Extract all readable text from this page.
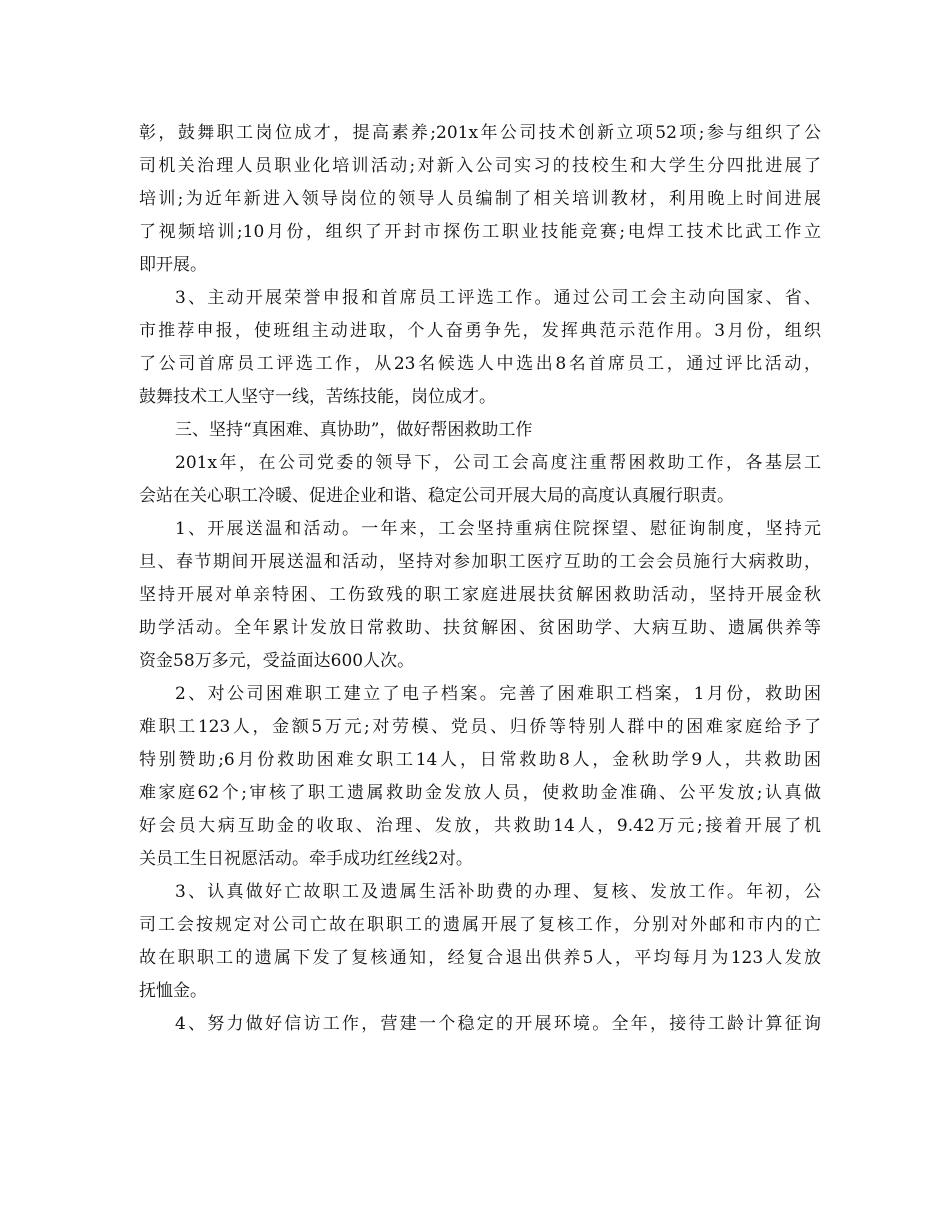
彰，鼓舞职工岗位成才，提高素养;201x年公司技术创新立项52项;参与组织了公
司机关治理人员职业化培训活动;对新入公司实习的技校生和大学生分四批进展了
培训;为近年新进入领导岗位的领导人员编制了相关培训教材，利用晚上时间进展
了视频培训;10月份，组织了开封市探伤工职业技能竞赛;电焊工技术比武工作立
即开展。
3、主动开展荣誉申报和首席员工评选工作。通过公司工会主动向国家、省、
市推荐申报，使班组主动进取，个人奋勇争先，发挥典范示范作用。3月份，组织
了公司首席员工评选工作，从23名候选人中选出8名首席员工，通过评比活动，
鼓舞技术工人坚守一线，苦练技能，岗位成才。
三、坚持“真困难、真协助”，做好帮困救助工作
201x年，在公司党委的领导下，公司工会高度注重帮困救助工作，各基层工
会站在关心职工冷暖、促进企业和谐、稳定公司开展大局的高度认真履行职责。
1、开展送温和活动。一年来，工会坚持重病住院探望、慰征询制度，坚持元
旦、春节期间开展送温和活动，坚持对参加职工医疗互助的工会会员施行大病救助，
坚持开展对单亲特困、工伤致残的职工家庭进展扶贫解困救助活动，坚持开展金秋
助学活动。全年累计发放日常救助、扶贫解困、贫困助学、大病互助、遗属供养等
资金58万多元，受益面达600人次。
2、对公司困难职工建立了电子档案。完善了困难职工档案，1月份，救助困
难职工123人，金额5万元;对劳模、党员、归侨等特别人群中的困难家庭给予了
特别赞助;6月份救助困难女职工14人，日常救助8人，金秋助学9人，共救助困
难家庭62个;审核了职工遗属救助金发放人员，使救助金准确、公平发放;认真做
好会员大病互助金的收取、治理、发放，共救助14人，9.42万元;接着开展了机
关员工生日祝愿活动。牵手成功红丝线2对。
3、认真做好亡故职工及遗属生活补助费的办理、复核、发放工作。年初，公
司工会按规定对公司亡故在职职工的遗属开展了复核工作，分别对外邮和市内的亡
故在职职工的遗属下发了复核通知，经复合退出供养5人，平均每月为123人发放
抚恤金。
4、努力做好信访工作，营建一个稳定的开展环境。全年，接待工龄计算征询
